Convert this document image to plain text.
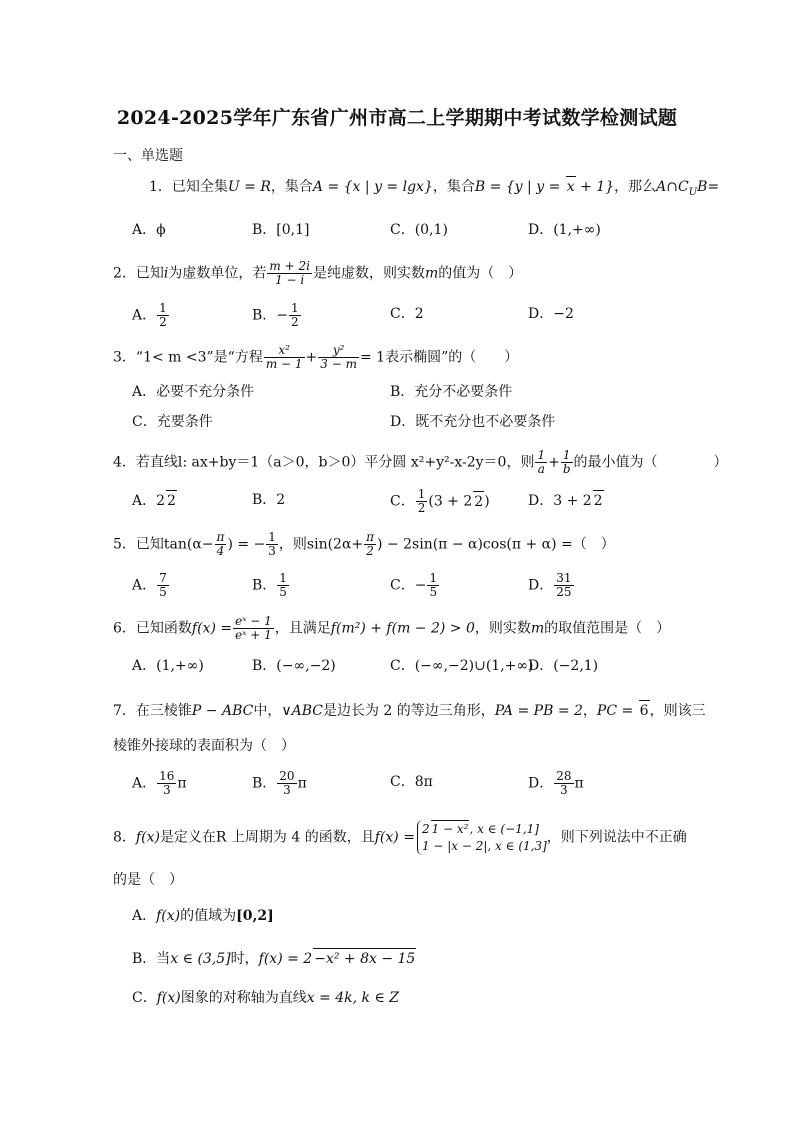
2024-2025学年广东省广州市高二上学期期中考试数学检测试题
一、单选题
1．已知全集U = R，集合A = {x | y = lgx}，集合B = {y | y = x + 1}，那么$A\cap C_UB=$
A．ϕ	B．[0,1]	C．(0,1)	D．(1,+∞)
2．已知i为虚数单位，若 $\frac{m + 2i}{1 - i}$ 是纯虚数，则实数m的值为（　）
A． $\frac{1}{2}$	B．− $\frac{1}{2}$	C．2	D．−2
3．“1< m <3”是“方程 $\frac{\text{x²}}{m - 1} + \frac{\text{y²}}{3 - m} = 1$表示椭圆”的（　　）
A．必要不充分条件	B．充分不必要条件
C．充要条件	D．既不充分也不必要条件
4．若直线l: ax+by＝1（a＞0，b＞0）平分圆 x²+y²-x-2y＝0，则 $\frac{1}{a} + \frac{1}{b}$ 的最小值为（　　　　）
A．2 2	B．2	C． $\frac{1}{2} (3 + 2$ 2)	D．3 + 2 2
5．已知$\tan(\alpha- \frac{\pi}{4}$ ) = − $\frac{1}{3}$ ，则$\sin(2\alpha+ \frac{\pi}{2}$ ) − 2sin(π − α)cos(π + α) =（　）
A． $\frac{7}{5}$	B． $\frac{1}{5}$	C．− $\frac{1}{5}$	D． $\frac{31}{25}$
6．已知函数$f(x) = \frac{\text{eˣ − 1}}{\text{eˣ + 1}}$ ，且满足f(m²) + f(m − 2) > 0，则实数m的取值范围是（　）
A．(1,+∞)	B．(−∞,−2)	C．(−∞,−2)∪(1,+∞)
D．(−2,1)
7．在三棱锥P − ABC中，∨ABC是边长为 2 的等边三角形，PA = PB = 2，PC = 6，则该三
棱锥外接球的表面积为（　）
A． $\frac{16}{3}$ π	B． $\frac{20}{3}$ π	C．8π	D． $\frac{28}{3}$ π
8．f(x)是定义在R 上周期为 4 的函数，且f(x) =
2 1 − x², x ∈ (−1,1]
1 − |x − 2|, x ∈ (1,3]
，则下列说法中不正确
的是（　）
A．f(x)的值域为[0,2]
B．当x ∈ (3,5]时，f(x) = 2 −x² + 8x − 15
C．f(x)图象的对称轴为直线x = 4k, k ∈ Z
